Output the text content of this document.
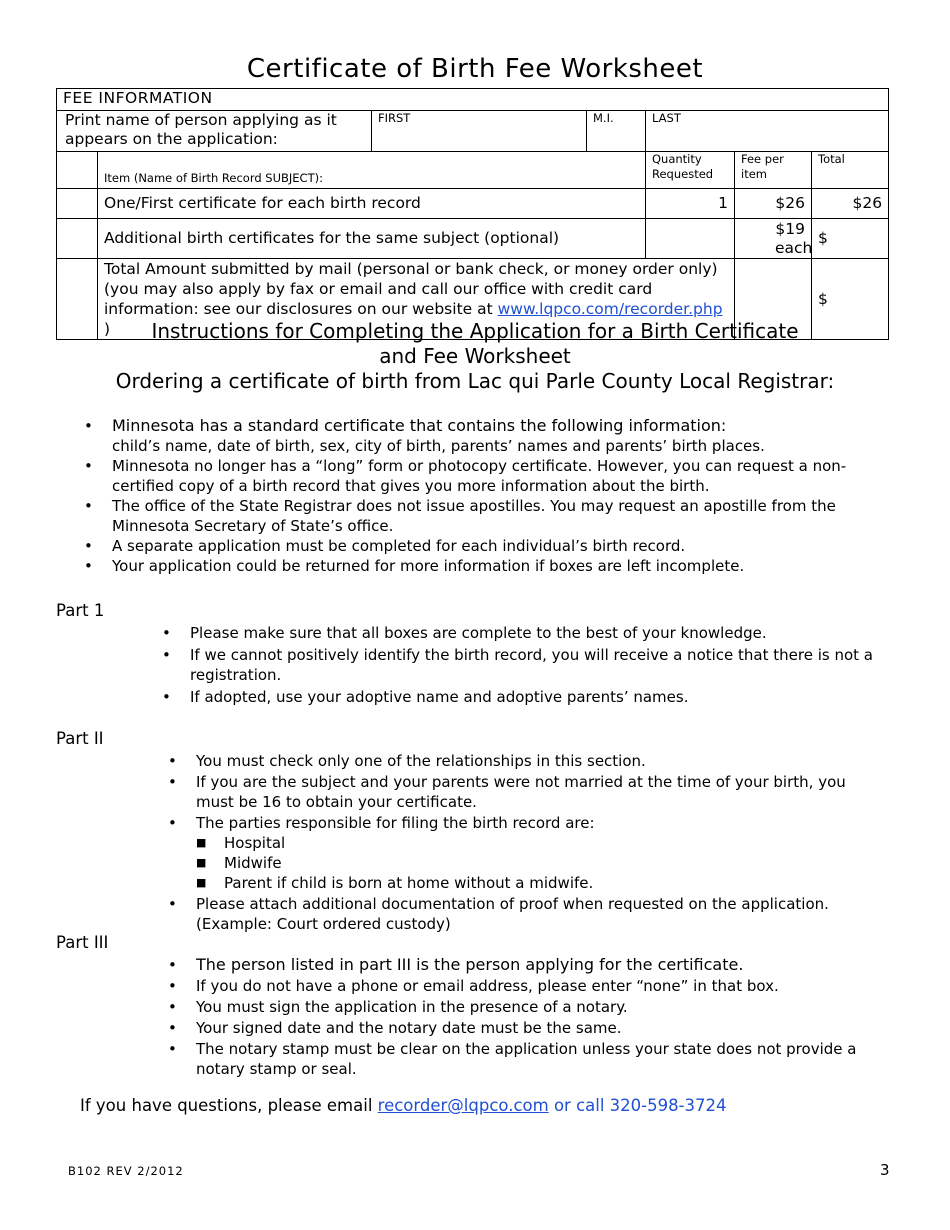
Certificate of Birth Fee Worksheet
FEE INFORMATION						
Print name of person applying as it appears on the application:		FIRST	M.I.	LAST		
	Item (Name of Birth Record SUBJECT):			Quantity Requested	Fee per item	Total
	One/First certificate for each birth record			1	$26	$26
	Additional birth certificates for the same subject (optional)				$19 each	$
	Total Amount submitted by mail (personal or bank check, or money order only) (you may also apply by fax or email and call our office with credit card information: see our disclosures on our website at www.lqpco.com/recorder.php )					$
Instructions for Completing the Application for a Birth Certificate
and Fee Worksheet
Ordering a certificate of birth from Lac qui Parle County Local Registrar:
• Minnesota has a standard certificate that contains the following information:
child’s name, date of birth, sex, city of birth, parents’ names and parents’ birth places.
• Minnesota no longer has a “long” form or photocopy certificate. However, you can request a non-certified copy of a birth record that gives you more information about the birth.
• The office of the State Registrar does not issue apostilles. You may request an apostille from the Minnesota Secretary of State’s office.
• A separate application must be completed for each individual’s birth record.
• Your application could be returned for more information if boxes are left incomplete.
Part 1
• Please make sure that all boxes are complete to the best of your knowledge.
• If we cannot positively identify the birth record, you will receive a notice that there is not a registration.
• If adopted, use your adoptive name and adoptive parents’ names.
Part II
• You must check only one of the relationships in this section.
• If you are the subject and your parents were not married at the time of your birth, you must be 16 to obtain your certificate.
• The parties responsible for filing the birth record are:
■ Hospital
■ Midwife
■ Parent if child is born at home without a midwife.
• Please attach additional documentation of proof when requested on the application. (Example: Court ordered custody)
Part III
• The person listed in part III is the person applying for the certificate.
• If you do not have a phone or email address, please enter “none” in that box.
• You must sign the application in the presence of a notary.
• Your signed date and the notary date must be the same.
• The notary stamp must be clear on the application unless your state does not provide a notary stamp or seal.
If you have questions, please email recorder@lqpco.com or call 320-598-3724
B102 REV 2/2012	3
